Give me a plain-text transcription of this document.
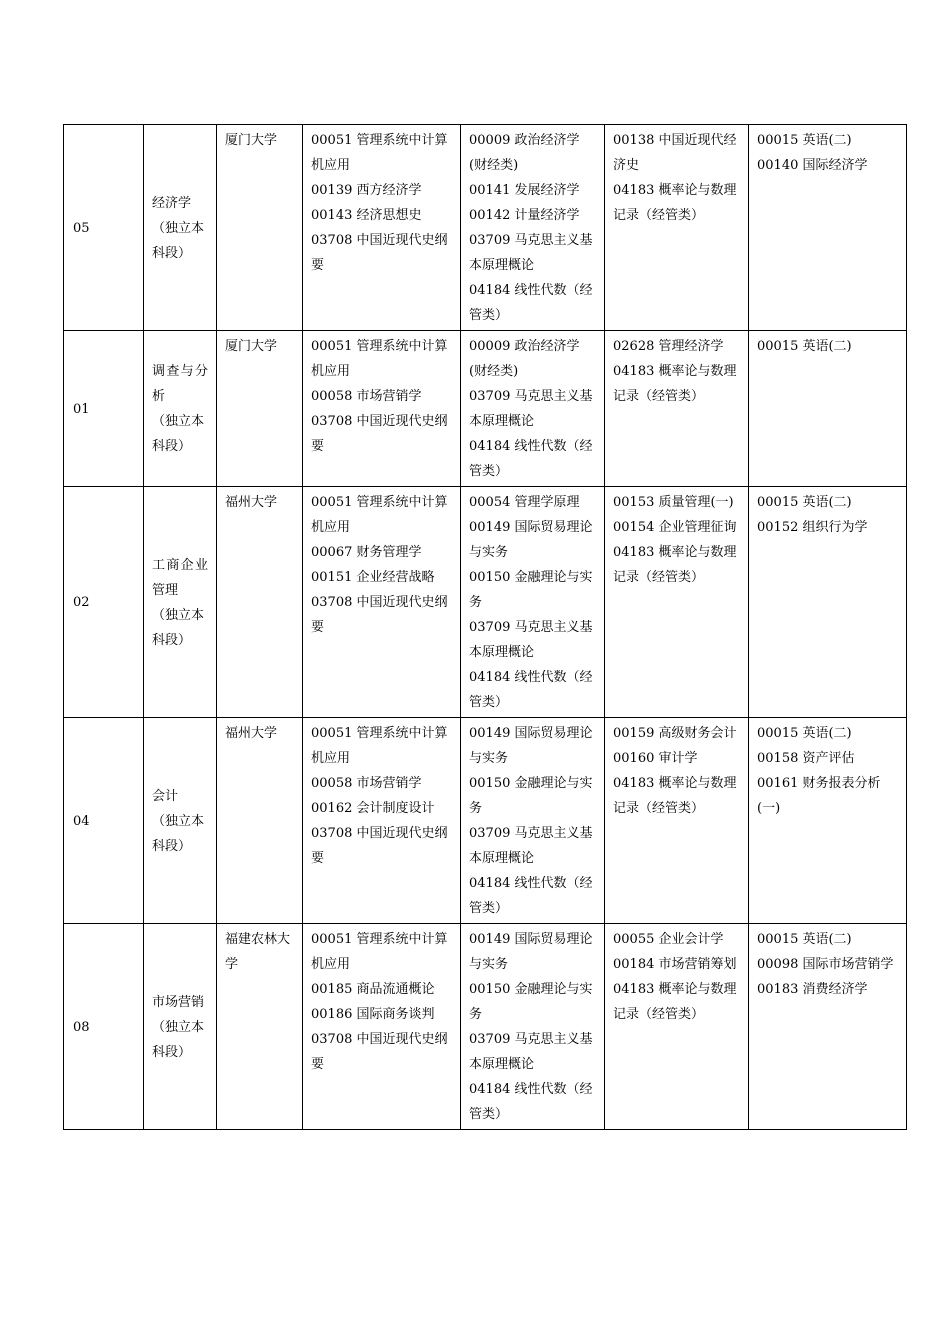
05	经济学
（独立本
科段）	厦门大学	00051 管理系统中计算机应用
00139 西方经济学
00143 经济思想史
03708 中国近现代史纲要	00009 政治经济学(财经类)
00141 发展经济学
00142 计量经济学
03709 马克思主义基本原理概论
04184 线性代数（经管类）	00138 中国近现代经济史
04183 概率论与数理记录（经管类）	00015 英语(二)
00140 国际经济学

01	调查与分析
（独立本
科段）	厦门大学	00051 管理系统中计算机应用
00058 市场营销学
03708 中国近现代史纲要	00009 政治经济学(财经类)
03709 马克思主义基本原理概论
04184 线性代数（经管类）	02628 管理经济学
04183 概率论与数理记录（经管类）	00015 英语(二)

02	工商企业管理
（独立本
科段）	福州大学	00051 管理系统中计算机应用
00067 财务管理学
00151 企业经营战略
03708 中国近现代史纲要	00054 管理学原理
00149 国际贸易理论与实务
00150 金融理论与实务
03709 马克思主义基本原理概论
04184 线性代数（经管类）	00153 质量管理(一)
00154 企业管理征询
04183 概率论与数理记录（经管类）	00015 英语(二)
00152 组织行为学

04	会计
（独立本
科段）	福州大学	00051 管理系统中计算机应用
00058 市场营销学
00162 会计制度设计
03708 中国近现代史纲要	00149 国际贸易理论与实务
00150 金融理论与实务
03709 马克思主义基本原理概论
04184 线性代数（经管类）	00159 高级财务会计
00160 审计学
04183 概率论与数理记录（经管类）	00015 英语(二)
00158 资产评估
00161 财务报表分析(一)

08	市场营销
（独立本
科段）	福建农林大学	00051 管理系统中计算机应用
00185 商品流通概论
00186 国际商务谈判
03708 中国近现代史纲要	00149 国际贸易理论与实务
00150 金融理论与实务
03709 马克思主义基本原理概论
04184 线性代数（经管类）	00055 企业会计学
00184 市场营销筹划
04183 概率论与数理记录（经管类）	00015 英语(二)
00098 国际市场营销学
00183 消费经济学
